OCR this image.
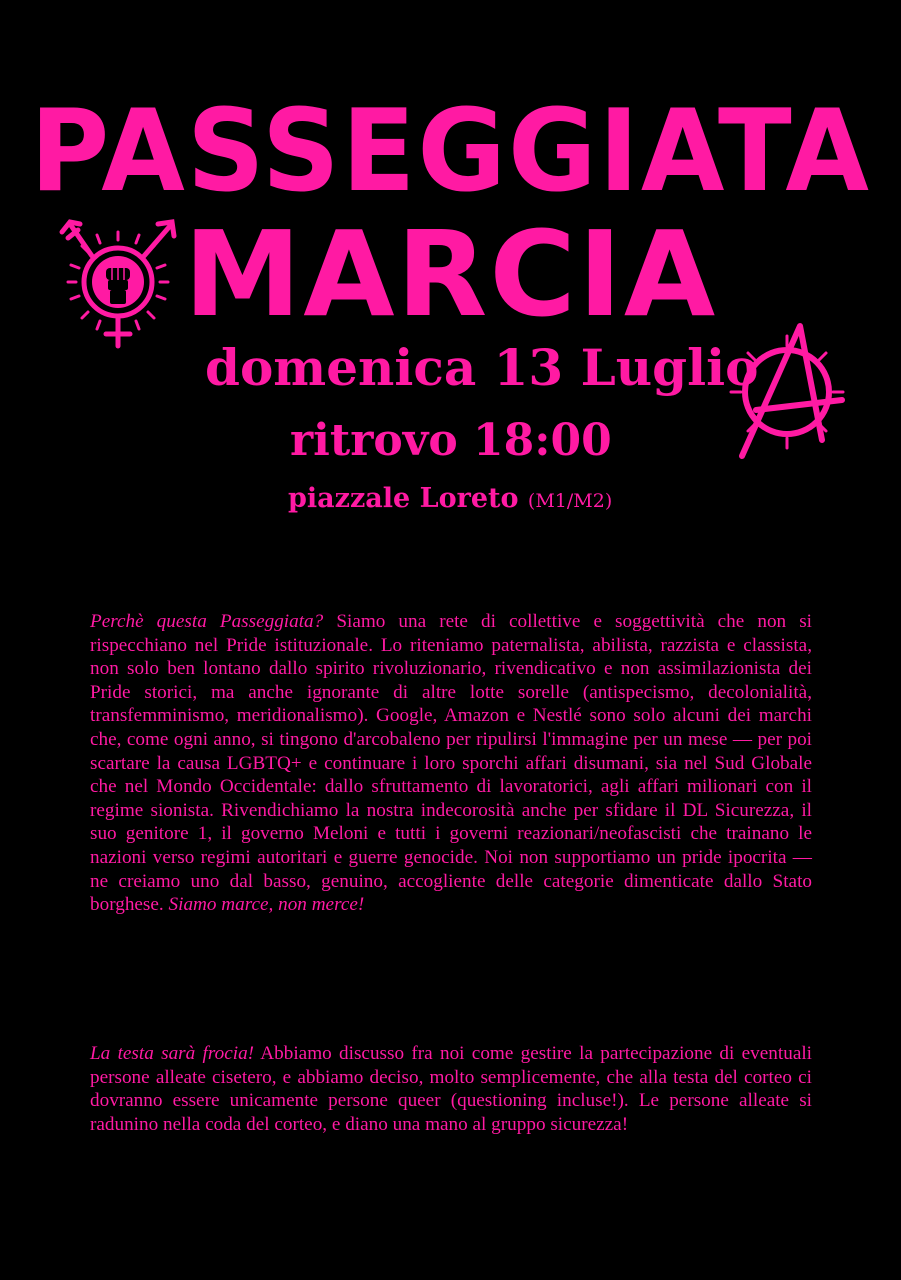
PASSEGGIATA
MARCIA
domenica 13 Luglio
ritrovo 18:00
piazzale Loreto (M1/M2)
Perchè questa Passeggiata? Siamo una rete di collettive e soggettività che non si rispecchiano nel Pride istituzionale. Lo riteniamo paternalista, abilista, razzista e classista, non solo ben lontano dallo spirito rivoluzionario, rivendicativo e non assimilazionista dei Pride storici, ma anche ignorante di altre lotte sorelle (antispecismo, decolonialità, transfemminismo, meridionalismo). Google, Amazon e Nestlé sono solo alcuni dei marchi che, come ogni anno, si tingono d'arcobaleno per ripulirsi l'immagine per un mese — per poi scartare la causa LGBTQ+ e continuare i loro sporchi affari disumani, sia nel Sud Globale che nel Mondo Occidentale: dallo sfruttamento di lavoratorici, agli affari milionari con il regime sionista. Rivendichiamo la nostra indecorosità anche per sfidare il DL Sicurezza, il suo genitore 1, il governo Meloni e tutti i governi reazionari/neofascisti che trainano le nazioni verso regimi autoritari e guerre genocide. Noi non supportiamo un pride ipocrita — ne creiamo uno dal basso, genuino, accogliente delle categorie dimenticate dallo Stato borghese. Siamo marce, non merce!
La testa sarà frocia! Abbiamo discusso fra noi come gestire la partecipazione di eventuali persone alleate cisetero, e abbiamo deciso, molto semplicemente, che alla testa del corteo ci dovranno essere unicamente persone queer (questioning incluse!). Le persone alleate si radunino nella coda del corteo, e diano una mano al gruppo sicurezza!
